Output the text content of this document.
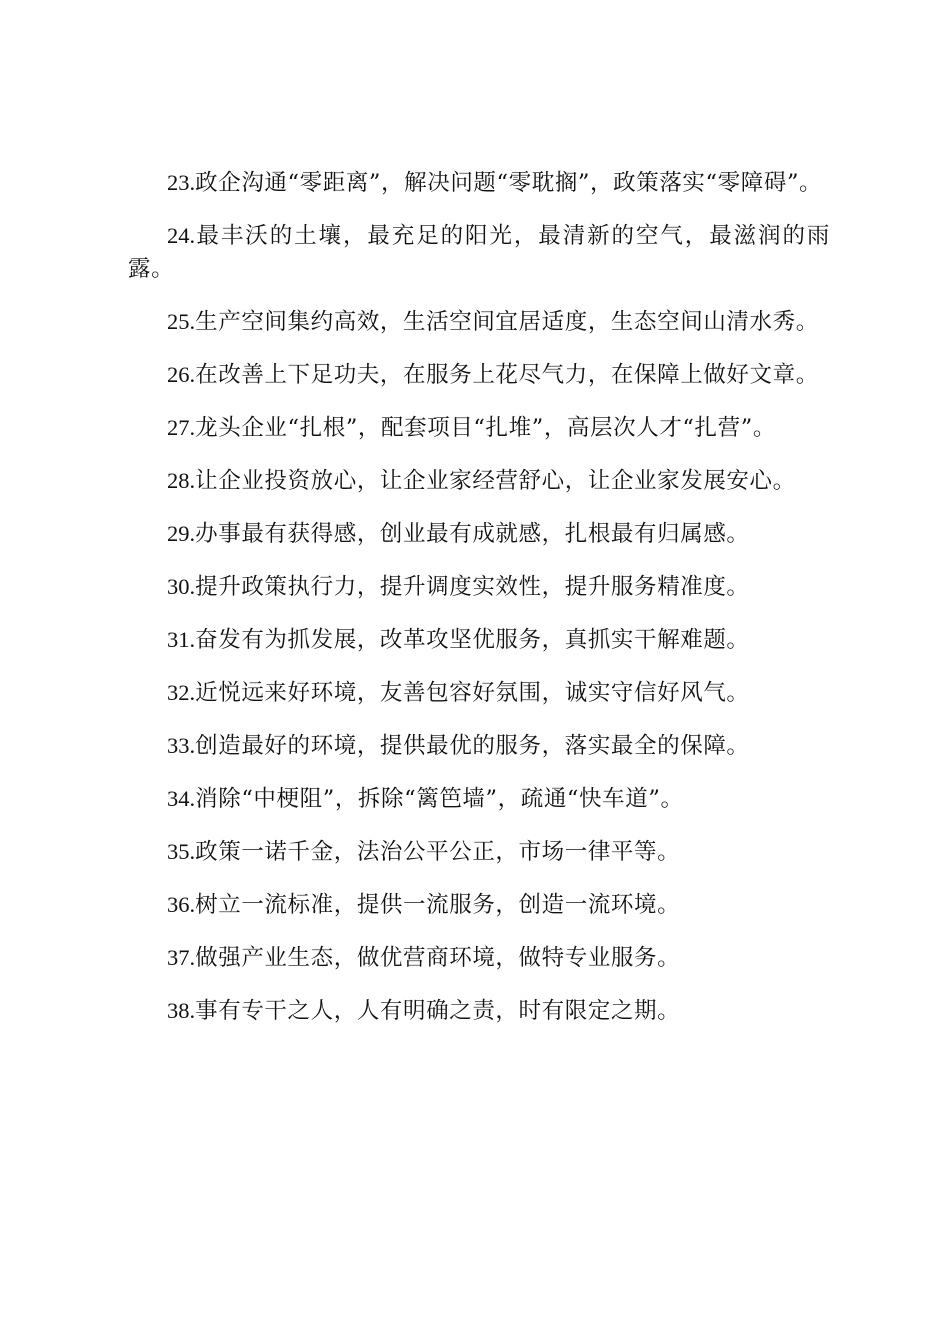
23.政企沟通“零距离”，解决问题“零耽搁”，政策落实“零障碍”。

24.最丰沃的土壤，最充足的阳光，最清新的空气，最滋润的雨露。

25.生产空间集约高效，生活空间宜居适度，生态空间山清水秀。

26.在改善上下足功夫，在服务上花尽气力，在保障上做好文章。

27.龙头企业“扎根”，配套项目“扎堆”，高层次人才“扎营”。

28.让企业投资放心，让企业家经营舒心，让企业家发展安心。

29.办事最有获得感，创业最有成就感，扎根最有归属感。

30.提升政策执行力，提升调度实效性，提升服务精准度。

31.奋发有为抓发展，改革攻坚优服务，真抓实干解难题。

32.近悦远来好环境，友善包容好氛围，诚实守信好风气。

33.创造最好的环境，提供最优的服务，落实最全的保障。

34.消除“中梗阻”，拆除“篱笆墙”，疏通“快车道”。

35.政策一诺千金，法治公平公正，市场一律平等。

36.树立一流标准，提供一流服务，创造一流环境。

37.做强产业生态，做优营商环境，做特专业服务。

38.事有专干之人，人有明确之责，时有限定之期。
